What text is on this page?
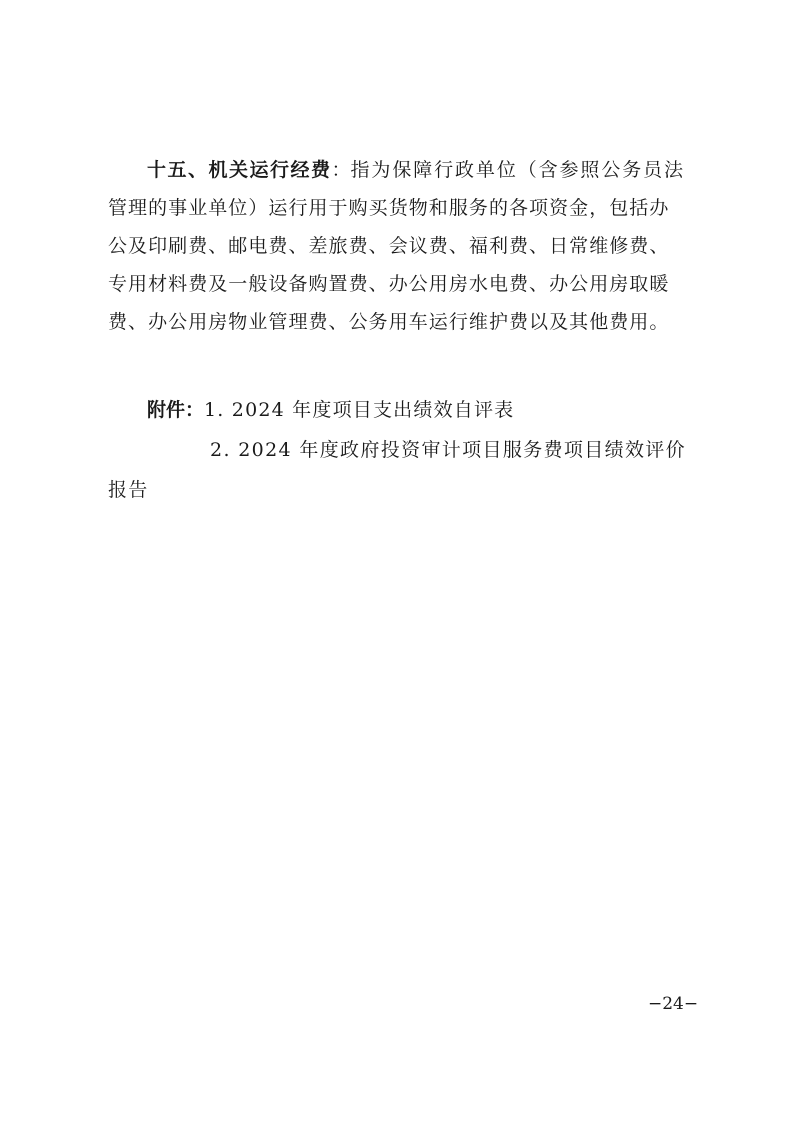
十五、机关运行经费：指为保障行政单位（含参照公务员法
管理的事业单位）运行用于购买货物和服务的各项资金，包括办
公及印刷费、邮电费、差旅费、会议费、福利费、日常维修费、
专用材料费及一般设备购置费、办公用房水电费、办公用房取暖
费、办公用房物业管理费、公务用车运行维护费以及其他费用。
附件：1. 2024 年度项目支出绩效自评表
2. 2024 年度政府投资审计项目服务费项目绩效评价
报告
−24−
